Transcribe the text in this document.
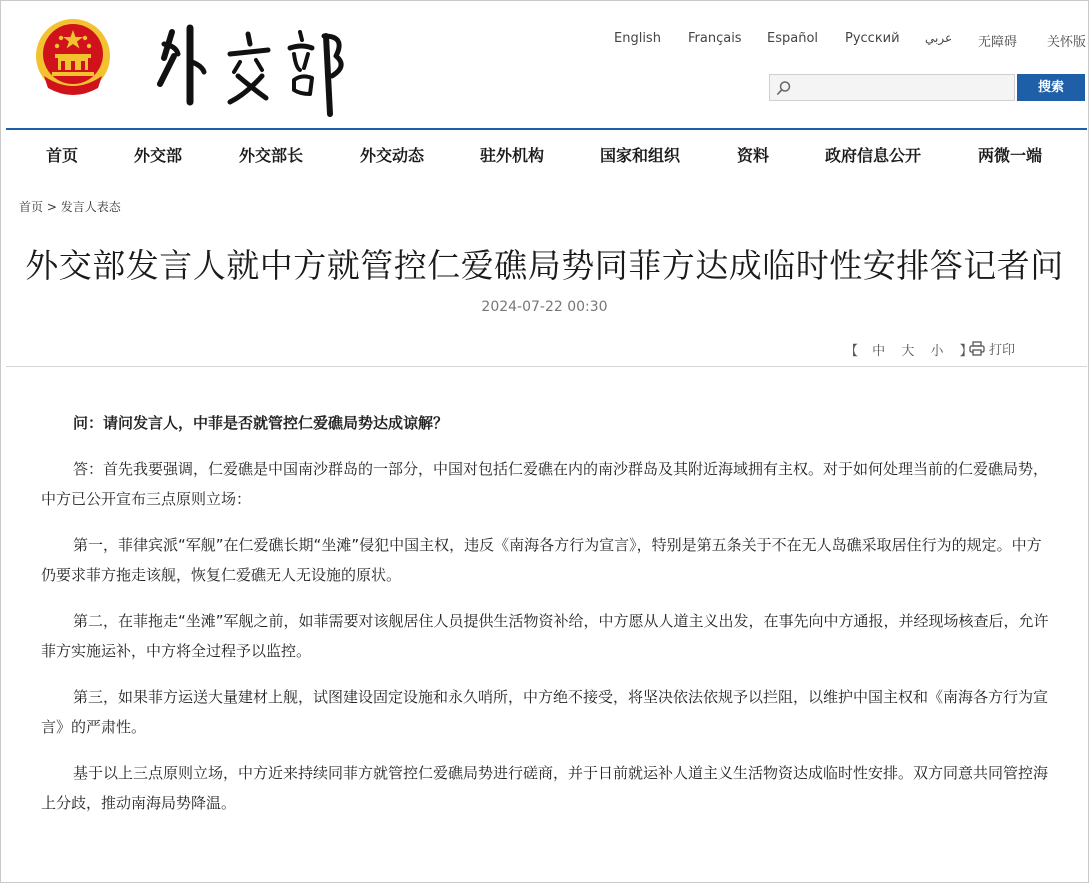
English Français Español Русский عربي 无障碍 关怀版
搜索
首页	外交部	外交部长	外交动态	驻外机构	国家和组织	资料	政府信息公开	两微一端
首页 > 发言人表态
外交部发言人就中方就管控仁爱礁局势同菲方达成临时性安排答记者问
2024-07-22 00:30
【 中 大 小 】	打印

问：请问发言人，中菲是否就管控仁爱礁局势达成谅解？

答：首先我要强调，仁爱礁是中国南沙群岛的一部分，中国对包括仁爱礁在内的南沙群岛及其附近海域拥有主权。对于如何处理当前的仁爱礁局势，中方已公开宣布三点原则立场：

第一，菲律宾派“军舰”在仁爱礁长期“坐滩”侵犯中国主权，违反《南海各方行为宣言》，特别是第五条关于不在无人岛礁采取居住行为的规定。中方仍要求菲方拖走该舰，恢复仁爱礁无人无设施的原状。

第二，在菲拖走“坐滩”军舰之前，如菲需要对该舰居住人员提供生活物资补给，中方愿从人道主义出发，在事先向中方通报，并经现场核查后，允许菲方实施运补，中方将全过程予以监控。

第三，如果菲方运送大量建材上舰，试图建设固定设施和永久哨所，中方绝不接受，将坚决依法依规予以拦阻，以维护中国主权和《南海各方行为宣言》的严肃性。

基于以上三点原则立场，中方近来持续同菲方就管控仁爱礁局势进行磋商，并于日前就运补人道主义生活物资达成临时性安排。双方同意共同管控海上分歧，推动南海局势降温。
